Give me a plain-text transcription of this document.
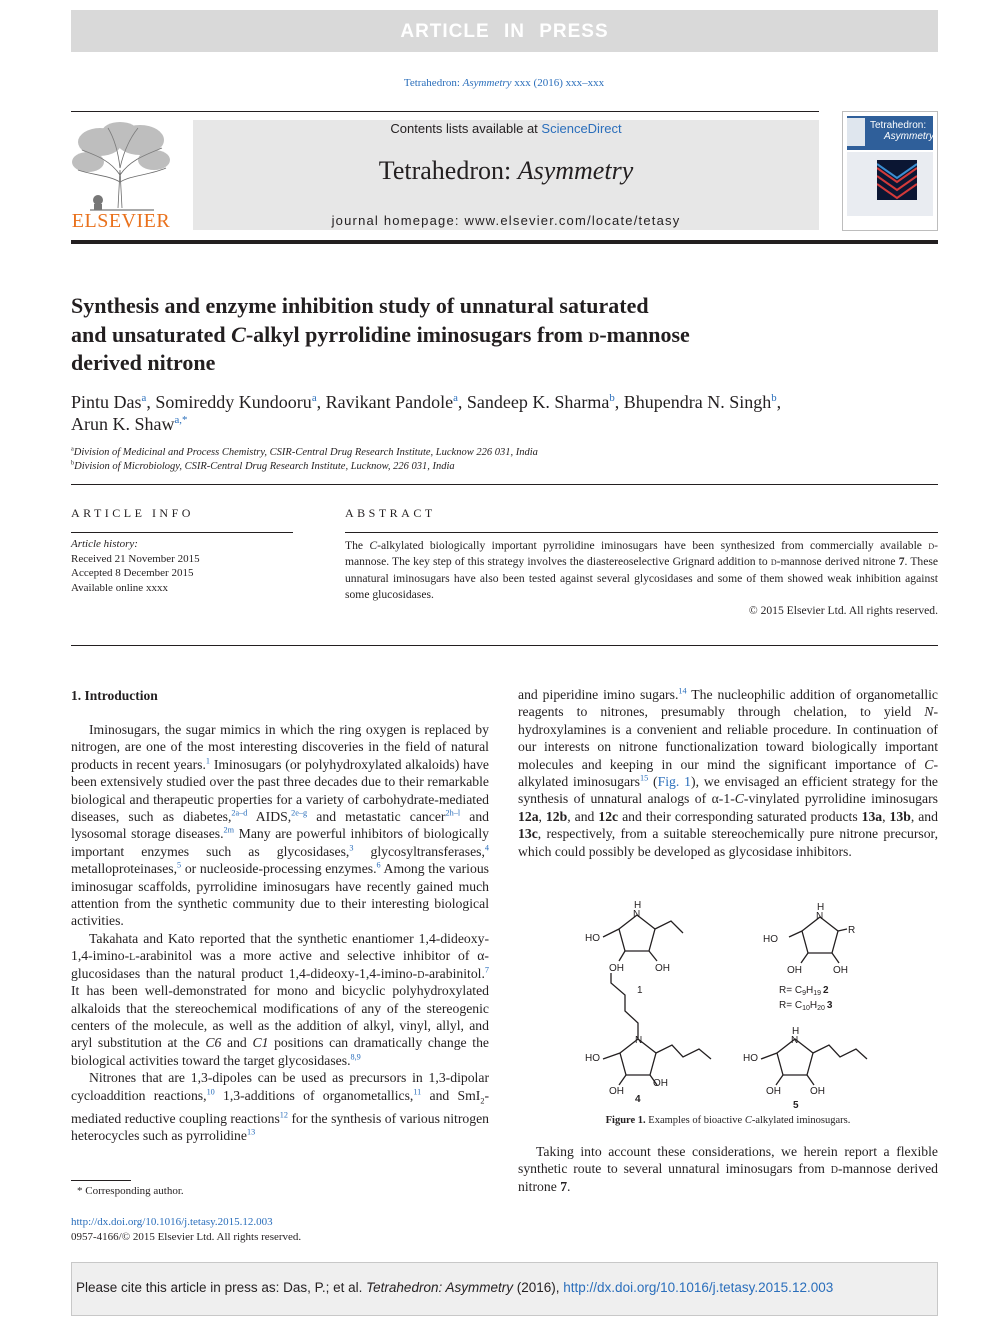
ARTICLE IN PRESS
Tetrahedron: Asymmetry xxx (2016) xxx–xxx
ELSEVIER
Contents lists available at ScienceDirect
Tetrahedron: Asymmetry
journal homepage: www.elsevier.com/locate/tetasy
Tetrahedron:
Asymmetry
Synthesis and enzyme inhibition study of unnatural saturated
and unsaturated C-alkyl pyrrolidine iminosugars from d-mannose
derived nitrone
Pintu Das$^a$, Somireddy Kundooru$^a$, Ravikant Pandole$^a$, Sandeep K. Sharma$^b$, Bhupendra N. Singh$^b$,
Arun K. Shaw$^{a,*}$
$^a$Division of Medicinal and Process Chemistry, CSIR-Central Drug Research Institute, Lucknow 226 031, India
$^b$Division of Microbiology, CSIR-Central Drug Research Institute, Lucknow, 226 031, India
ARTICLE INFO
Article history:
Received 21 November 2015
Accepted 8 December 2015
Available online xxxx
ABSTRACT
The C-alkylated biologically important pyrrolidine iminosugars have been synthesized from commercially available d-mannose. The key step of this strategy involves the diastereoselective Grignard addition to d-mannose derived nitrone 7. These unnatural iminosugars have also been tested against several glycosidases and some of them showed weak inhibition against some glucosidases.
© 2015 Elsevier Ltd. All rights reserved.
1. Introduction

Iminosugars, the sugar mimics in which the ring oxygen is replaced by nitrogen, are one of the most interesting discoveries in the field of natural products in recent years.$^1$ Iminosugars (or polyhydroxylated alkaloids) have been extensively studied over the past three decades due to their remarkable biological and therapeutic properties for a variety of carbohydrate-mediated diseases, such as diabetes,$^{2a-d}$ AIDS,$^{2e-g}$ and metastatic cancer$^{2h-l}$ and lysosomal storage diseases.$^{2m}$ Many are powerful inhibitors of biologically important enzymes such as glycosidases,$^3$ glycosyltransferases,$^4$ metalloproteinases,$^5$ or nucleoside-processing enzymes.$^6$ Among the various iminosugar scaffolds, pyrrolidine iminosugars have recently gained much attention from the synthetic community due to their interesting biological activities.

Takahata and Kato reported that the synthetic enantiomer 1,4-dideoxy-1,4-imino-l-arabinitol was a more active and selective inhibitor of α-glucosidases than the natural product 1,4-dideoxy-1,4-imino-d-arabinitol.$^7$ It has been well-demonstrated for mono and bicyclic polyhydroxylated alkaloids that the stereochemical modifications of any of the stereogenic centers of the molecule, as well as the addition of alkyl, vinyl, allyl, and aryl substitution at the C6 and C1 positions can dramatically change the biological activities toward the target glycosidases.$^{8,9}$

Nitrones that are 1,3-dipoles can be used as precursors in 1,3-dipolar cycloaddition reactions,$^{10}$ 1,3-additions of organometallics,$^{11}$ and SmI$_2$-mediated reductive coupling reactions$^{12}$ for the synthesis of various nitrogen heterocycles such as pyrrolidine$^{13}$

and piperidine imino sugars.$^{14}$ The nucleophilic addition of organometallic reagents to nitrones, presumably through chelation, to yield N-hydroxylamines is a convenient and reliable procedure. In continuation of our interests on nitrone functionalization toward biologically important molecules and keeping in our mind the significant importance of C-alkylated iminosugars$^{15}$ (Fig. 1), we envisaged an efficient strategy for the synthesis of unnatural analogs of α-1-C-vinylated pyrrolidine iminosugars 12a, 12b, and 12c and their corresponding saturated products 13a, 13b, and 13c, respectively, from a suitable stereochemically pure nitrone precursor, which could possibly be developed as glycosidase inhibitors.

N
H
HO
OH	OH
1
N
H
R
HO
OH	OH
$R= C_9H_{19}$ 2
$R= C_{10}H_{20}$ 3
N
HO
OH
OH
4
N
H
HO
OH	OH
5
Figure 1. Examples of bioactive C-alkylated iminosugars.

Taking into account these considerations, we herein report a flexible synthetic route to several unnatural iminosugars from d-mannose derived nitrone 7.

* Corresponding author.
http://dx.doi.org/10.1016/j.tetasy.2015.12.003
0957-4166/© 2015 Elsevier Ltd. All rights reserved.
Please cite this article in press as: Das, P.; et al. Tetrahedron: Asymmetry (2016), http://dx.doi.org/10.1016/j.tetasy.2015.12.003
